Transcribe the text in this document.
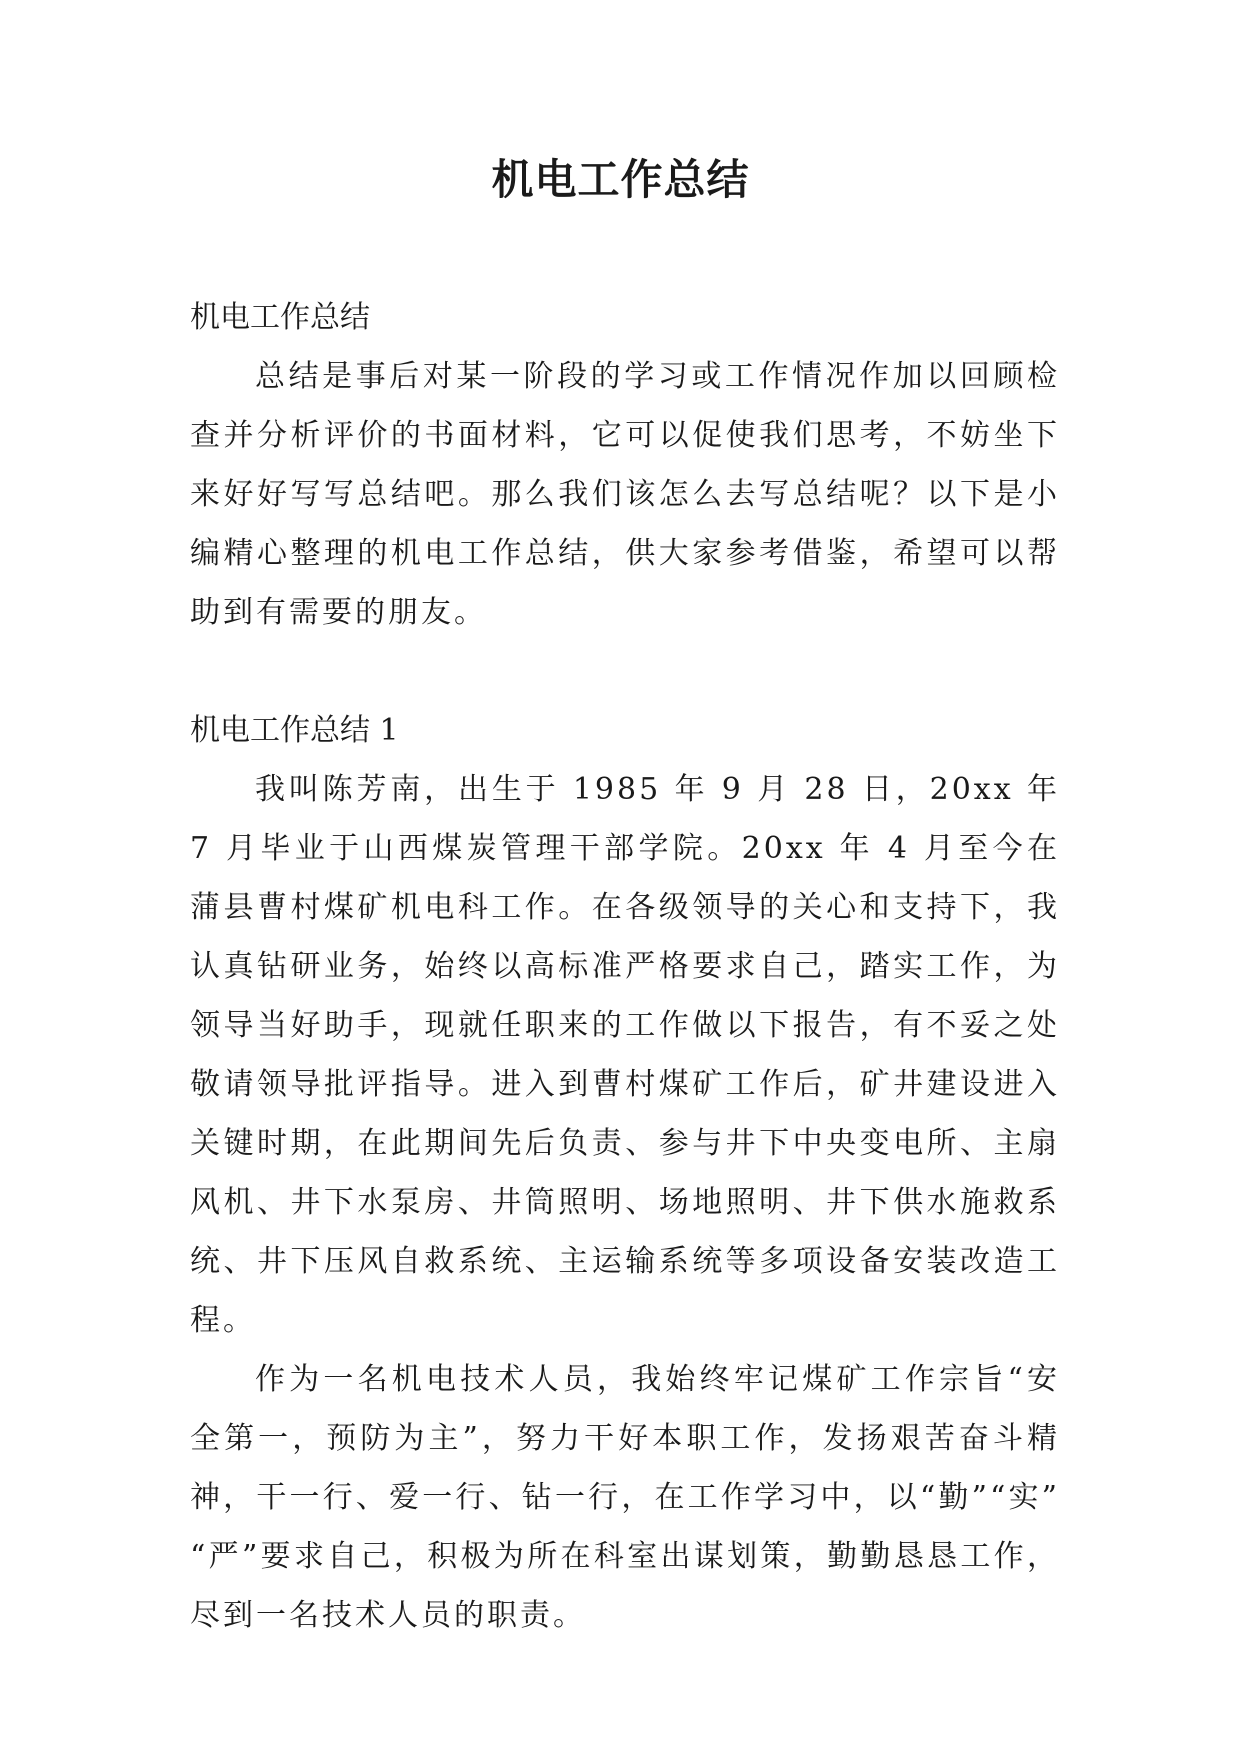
机电工作总结

机电工作总结

总结是事后对某一阶段的学习或工作情况作加以回顾检查并分析评价的书面材料，它可以促使我们思考，不妨坐下来好好写写总结吧。那么我们该怎么去写总结呢？以下是小编精心整理的机电工作总结，供大家参考借鉴，希望可以帮助到有需要的朋友。

机电工作总结 1

我叫陈芳南，出生于 1985 年 9 月 28 日，20xx 年 7 月毕业于山西煤炭管理干部学院。20xx 年 4 月至今在蒲县曹村煤矿机电科工作。在各级领导的关心和支持下，我认真钻研业务，始终以高标准严格要求自己，踏实工作，为领导当好助手，现就任职来的工作做以下报告，有不妥之处敬请领导批评指导。进入到曹村煤矿工作后，矿井建设进入关键时期，在此期间先后负责、参与井下中央变电所、主扇风机、井下水泵房、井筒照明、场地照明、井下供水施救系统、井下压风自救系统、主运输系统等多项设备安装改造工程。

作为一名机电技术人员，我始终牢记煤矿工作宗旨“安全第一，预防为主”，努力干好本职工作，发扬艰苦奋斗精神，干一行、爱一行、钻一行，在工作学习中，以“勤”“实” “严”要求自己，积极为所在科室出谋划策，勤勤恳恳工作，尽到一名技术人员的职责。
